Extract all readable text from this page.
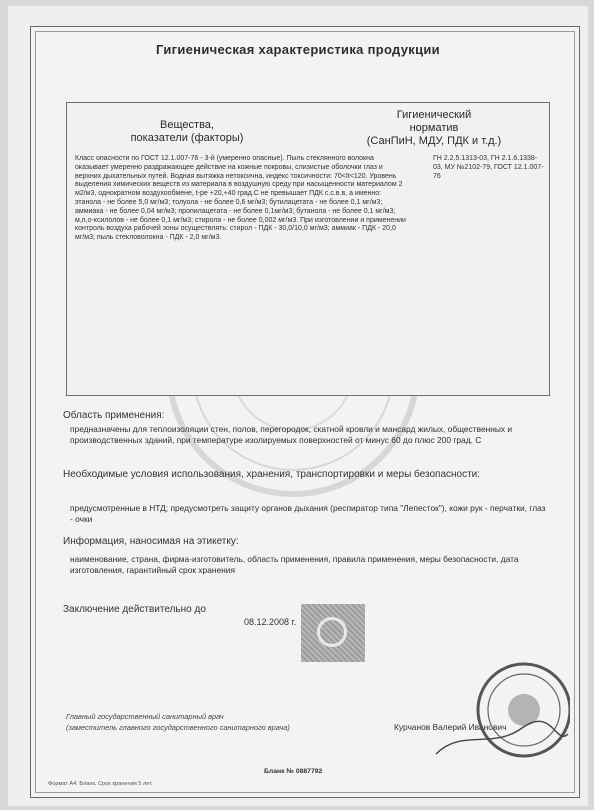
Гигиеническая характеристика продукции
Вещества,
показатели (факторы)
Гигиенический
норматив
(СанПиН, МДУ, ПДК и т.д.)
Класс опасности по ГОСТ 12.1.007-76 - 3-й (умеренно опасные). Пыль стеклянного волокна оказывает умеренно раздражающее действие на кожные покровы, слизистые оболочки глаз и верхних дыхательных путей. Водная вытяжка нетоксична, индекс токсичности: 70<It<120. Уровень выделения химических веществ из материала в воздушную среду при насыщенности материалом 2 м2/м3, однократном воздухообмене, t-ре +20,+40 град.С не превышает ПДК с.с.в.в, а именно: этанола - не более 5,0 мг/м3; толуола - не более 0,6 мг/м3; бутилацетата - не более 0,1 мг/м3; аммиака - не более 0,04 мг/м3; пропилацетата - не более 0,1мг/м3; бутанола - не более 0,1 мг/м3; м,п,о-ксилолов - не более 0,1 мг/м3; стирола - не более 0,002 мг/м3. При изготовлении и применении контроль воздуха рабочей зоны осуществлять: стирол - ПДК - 30,0/10,0 мг/м3; аммиак - ПДК - 20,0 мг/м3; пыль стекловолокна - ПДК - 2,0 мг/м3.
ГН 2.2.5.1313-03, ГН 2.1.6.1338-03, МУ №2102-79, ГОСТ 12.1.007-76
Область применения:
предназначены для теплоизоляции стен, полов, перегородок, скатной кровли и мансард жилых, общественных и производственных зданий, при температуре изолируемых поверхностей от минус 60 до плюс 200 град. С
Необходимые условия использования, хранения, транспортировки и меры безопасности:
предусмотренные в НТД; предусмотреть защиту органов дыхания (респиратор типа "Лепесток"), кожи рук - перчатки, глаз - очки
Информация, наносимая на этикетку:
наименование, страна, фирма-изготовитель, область применения, правила применения, меры безопасности, дата изготовления, гарантийный срок хранения
Заключение действительно до
08.12.2008 г.
Главный государственный санитарный врач
(заместитель главного государственного санитарного врача)	Курчанов Валерий Иванович
Бланк № 0887792
Формат А4. Бланк. Срок хранения 5 лет.
